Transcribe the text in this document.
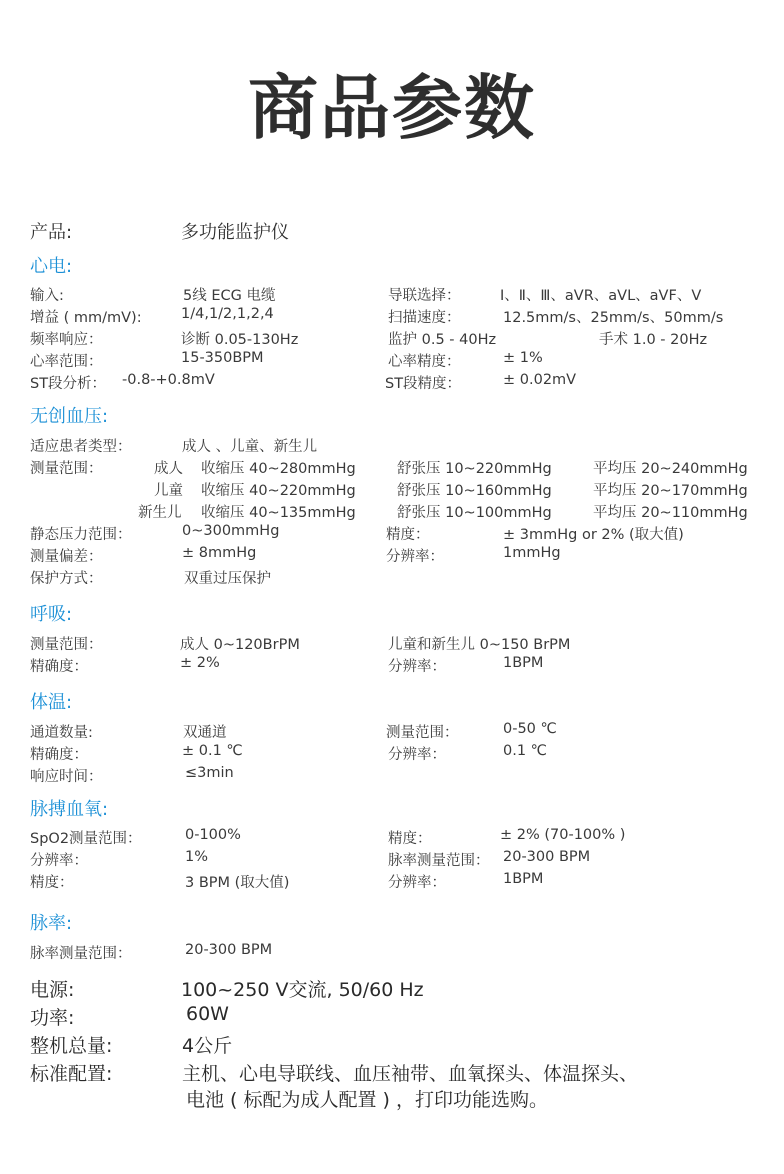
商品参数
产品:	多功能监护仪
心电:
输入:	5线 ECG 电缆	导联选择：	Ⅰ、Ⅱ、Ⅲ、aVR、aVL、aVF、V
增益 ( mm/mV):	1/4,1/2,1,2,4	扫描速度：	12.5mm/s、25mm/s、50mm/s
频率响应：	诊断 0.05-130Hz	监护 0.5 - 40Hz	手术 1.0 - 20Hz
心率范围：	15-350BPM	心率精度：	± 1%
ST段分析： -0.8-+0.8mV	ST段精度：	± 0.02mV
无创血压:
适应患者类型：	成人 、儿童、新生儿
测量范围：	成人 收缩压 40~280mmHg	舒张压 10~220mmHg	平均压 20~240mmHg
儿童 收缩压 40~220mmHg	舒张压 10~160mmHg	平均压 20~170mmHg
新生儿 收缩压 40~135mmHg	舒张压 10~100mmHg	平均压 20~110mmHg
静态压力范围：	0~300mmHg	精度：	± 3mmHg or 2% (取大值)
测量偏差：	± 8mmHg	分辨率：	1mmHg
保护方式：	双重过压保护
呼吸:
测量范围：	成人 0~120BrPM	儿童和新生儿 0~150 BrPM
精确度：	± 2%	分辨率：	1BPM
体温:
通道数量:	双通道	测量范围：	0-50 ℃
精确度：	± 0.1 ℃	分辨率：	0.1 ℃
响应时间：	≤3min
脉搏血氧:
SpO2测量范围：	0-100%	精度：	± 2% (70-100% )
分辨率：	1%	脉率测量范围： 20-300 BPM
精度：	3 BPM (取大值)	分辨率：	1BPM
脉率:
脉率测量范围：	20-300 BPM
电源:	100~250 V交流, 50/60 Hz
功率:	60W
整机总量:	4公斤
标准配置:	主机、心电导联线、血压袖带、血氧探头、体温探头、
电池 ( 标配为成人配置 ) ，打印功能选购。
